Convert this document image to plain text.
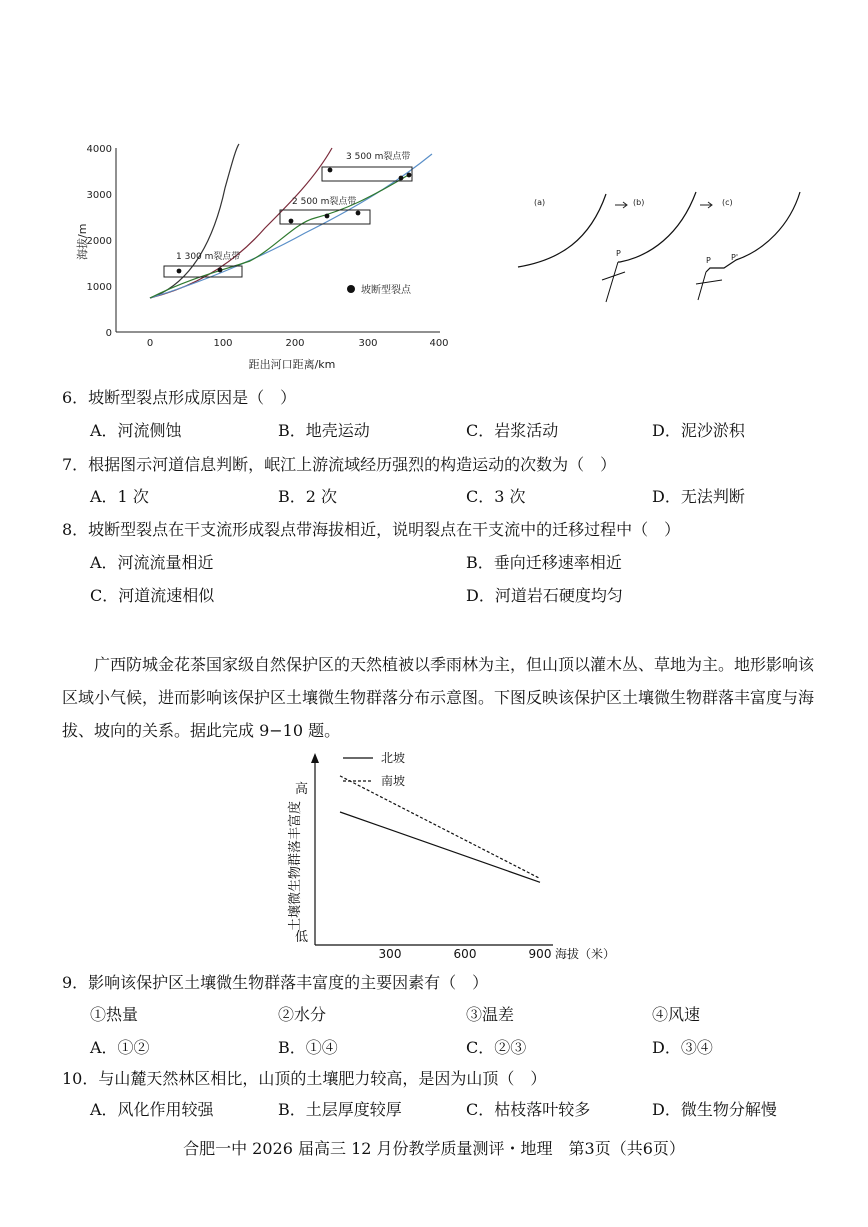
0
1000
2000
3000
4000
0	100	200	300	400
距出河口距离/km
海拔/m	1 300 m裂点带
2 500 m裂点带
3 500 m裂点带
坡断型裂点
(a)	(b)	(c)
P
P	P'
6．坡断型裂点形成原因是（　）
A．河流侧蚀	B．地壳运动	C．岩浆活动	D．泥沙淤积
7．根据图示河道信息判断，岷江上游流域经历强烈的构造运动的次数为（　）
A．1 次	B．2 次	C．3 次	D．无法判断
8．坡断型裂点在干支流形成裂点带海拔相近，说明裂点在干支流中的迁移过程中（　）
A．河流流量相近	B．垂向迁移速率相近
C．河道流速相似	D．河道岩石硬度均匀

广西防城金花茶国家级自然保护区的天然植被以季雨林为主，但山顶以灌木丛、草地为主。地形影响该区域小气候，进而影响该保护区土壤微生物群落分布示意图。下图反映该保护区土壤微生物群落丰富度与海拔、坡向的关系。据此完成 9−10 题。

高
低
土壤微生物群落丰富度
海拔（米）
300	600	900
北坡
南坡
9．影响该保护区土壤微生物群落丰富度的主要因素有（　）
①热量	②水分	③温差	④风速
A．①②	B．①④	C．②③	D．③④
10．与山麓天然林区相比，山顶的土壤肥力较高，是因为山顶（　）
A．风化作用较强	B．土层厚度较厚	C．枯枝落叶较多	D．微生物分解慢
合肥一中 2026 届高三 12 月份教学质量测评・地理　第3页（共6页）
